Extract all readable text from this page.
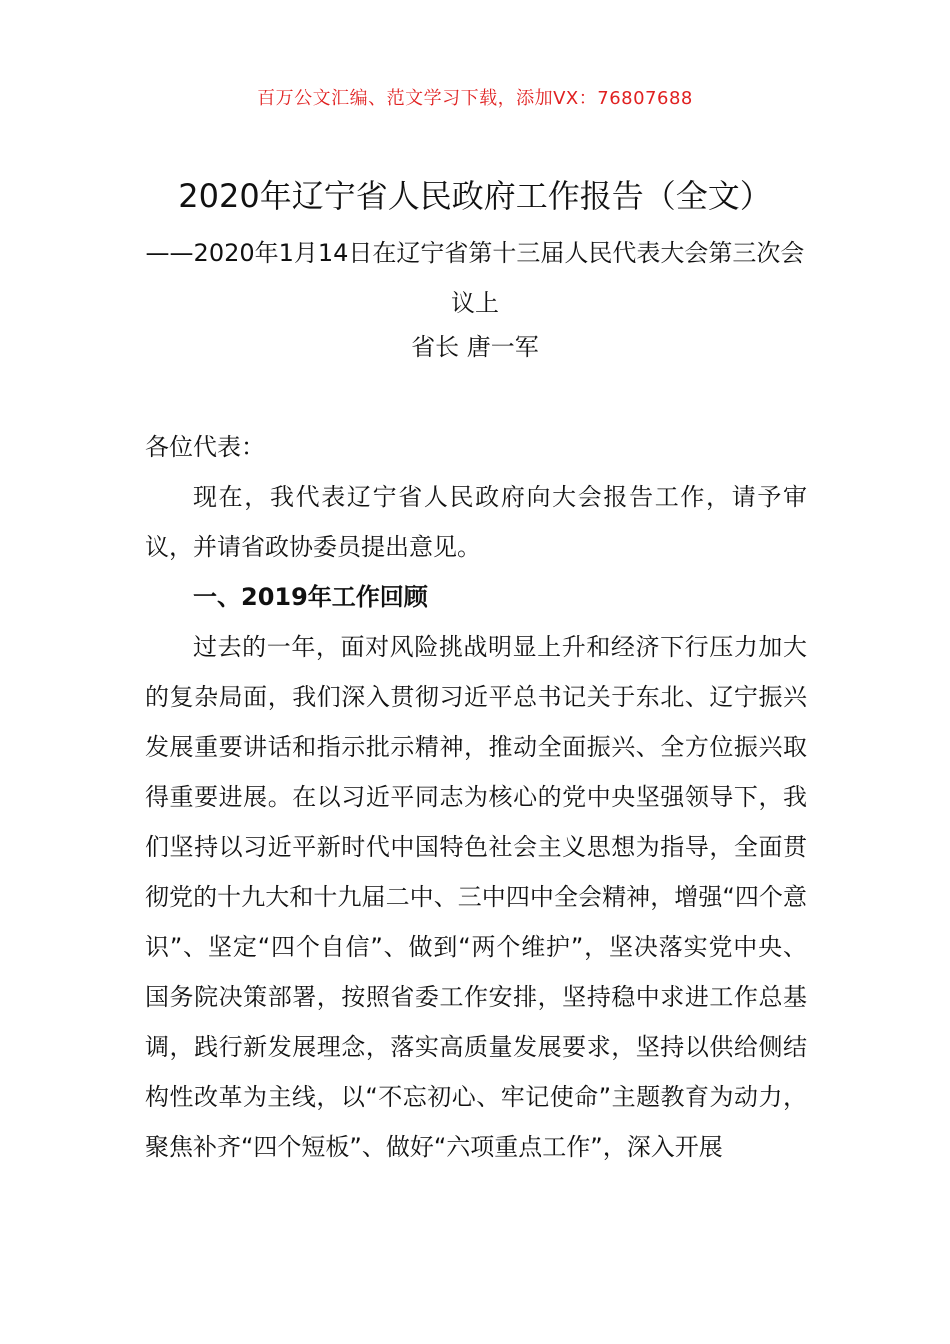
百万公文汇编、范文学习下载，添加VX：76807688
2020年辽宁省人民政府工作报告（全文）
——2020年1月14日在辽宁省第十三届人民代表大会第三次会议上
省长 唐一军

各位代表：

现在，我代表辽宁省人民政府向大会报告工作，请予审议，并请省政协委员提出意见。

一、2019年工作回顾

过去的一年，面对风险挑战明显上升和经济下行压力加大的复杂局面，我们深入贯彻习近平总书记关于东北、辽宁振兴发展重要讲话和指示批示精神，推动全面振兴、全方位振兴取得重要进展。在以习近平同志为核心的党中央坚强领导下，我们坚持以习近平新时代中国特色社会主义思想为指导，全面贯彻党的十九大和十九届二中、三中四中全会精神，增强“四个意识”、坚定“四个自信”、做到“两个维护”，坚决落实党中央、国务院决策部署，按照省委工作安排，坚持稳中求进工作总基调，践行新发展理念，落实高质量发展要求，坚持以供给侧结构性改革为主线，以“不忘初心、牢记使命”主题教育为动力，聚焦补齐“四个短板”、做好“六项重点工作”，深入开展
